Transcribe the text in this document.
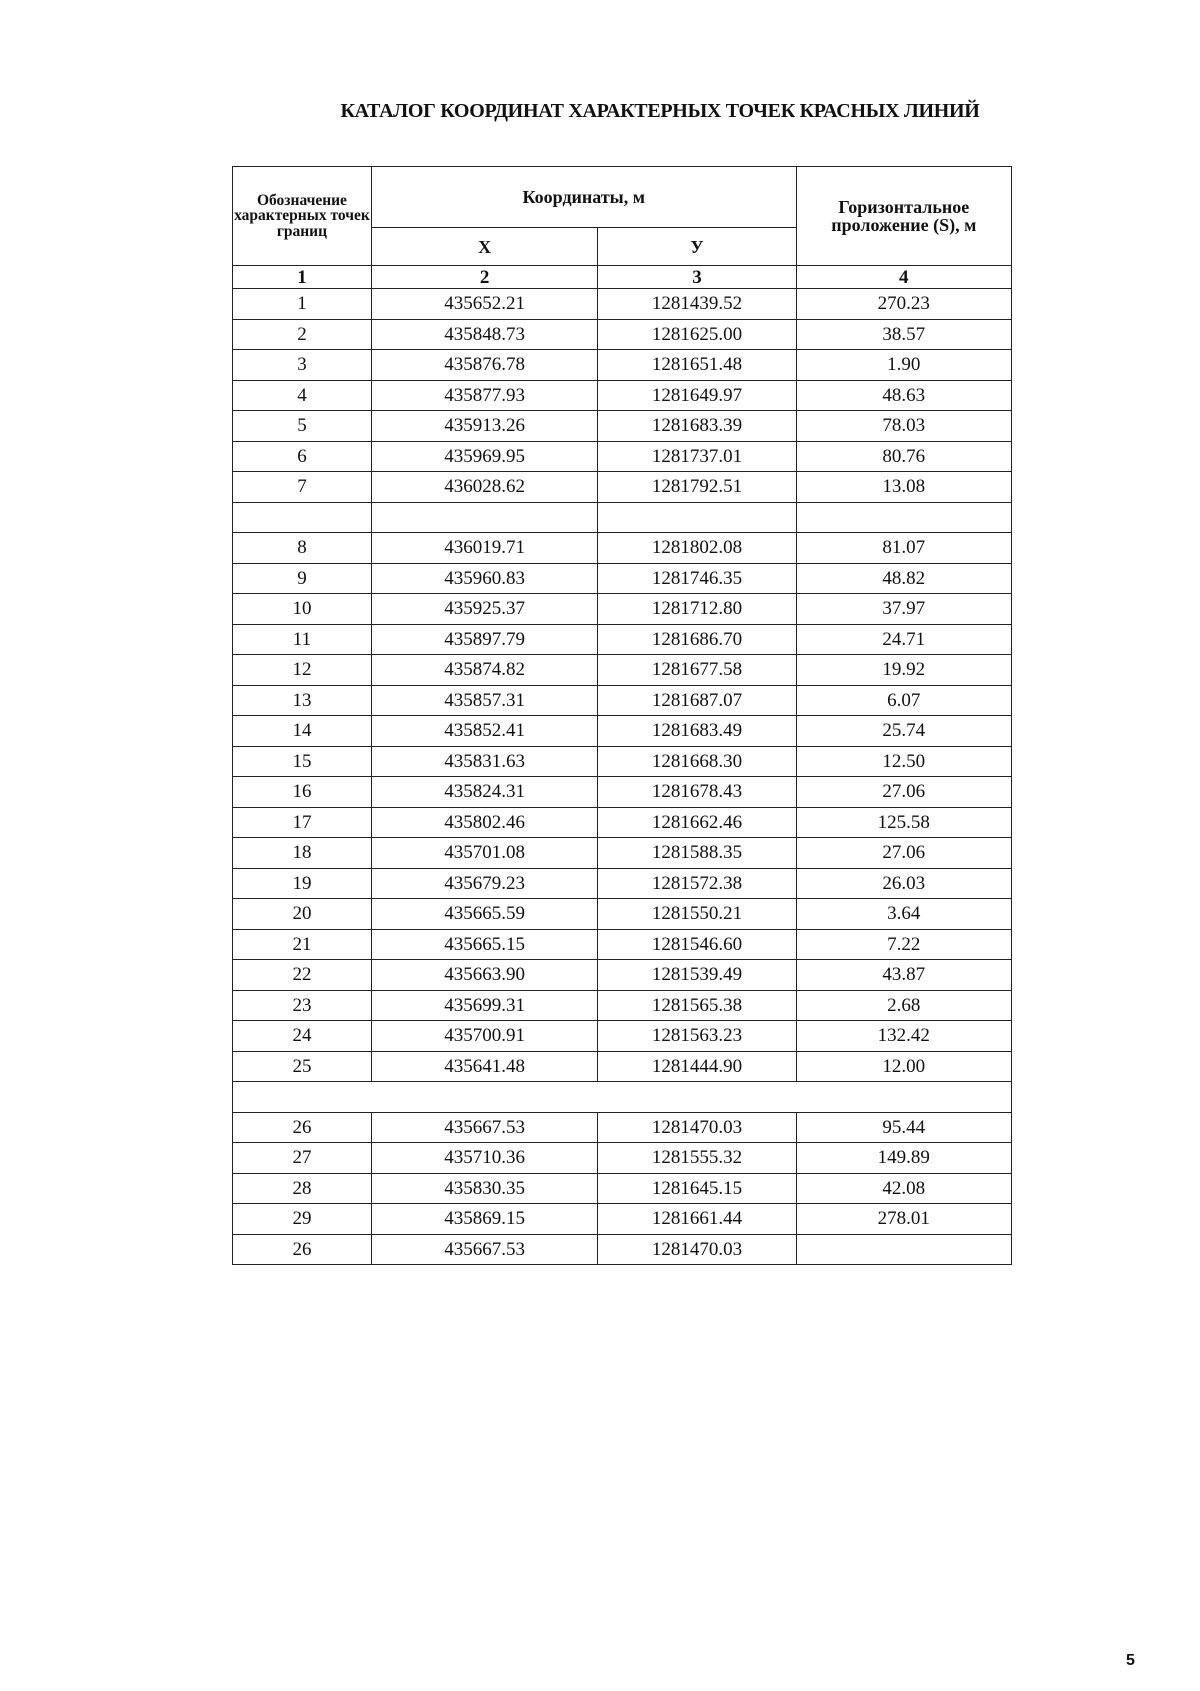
КАТАЛОГ КООРДИНАТ ХАРАКТЕРНЫХ ТОЧЕК КРАСНЫХ ЛИНИЙ
Обозначение характерных точек границ	Координаты, м		Горизонтальное проложение (S), м
	Х	У	
1	2	3	4
1	435652.21	1281439.52	270.23
2	435848.73	1281625.00	38.57
3	435876.78	1281651.48	1.90
4	435877.93	1281649.97	48.63
5	435913.26	1281683.39	78.03
6	435969.95	1281737.01	80.76
7	436028.62	1281792.51	13.08

8	436019.71	1281802.08	81.07
9	435960.83	1281746.35	48.82
10	435925.37	1281712.80	37.97
11	435897.79	1281686.70	24.71
12	435874.82	1281677.58	19.92
13	435857.31	1281687.07	6.07
14	435852.41	1281683.49	25.74
15	435831.63	1281668.30	12.50
16	435824.31	1281678.43	27.06
17	435802.46	1281662.46	125.58
18	435701.08	1281588.35	27.06
19	435679.23	1281572.38	26.03
20	435665.59	1281550.21	3.64
21	435665.15	1281546.60	7.22
22	435663.90	1281539.49	43.87
23	435699.31	1281565.38	2.68
24	435700.91	1281563.23	132.42
25	435641.48	1281444.90	12.00

26	435667.53	1281470.03	95.44
27	435710.36	1281555.32	149.89
28	435830.35	1281645.15	42.08
29	435869.15	1281661.44	278.01
26	435667.53	1281470.03	
5
